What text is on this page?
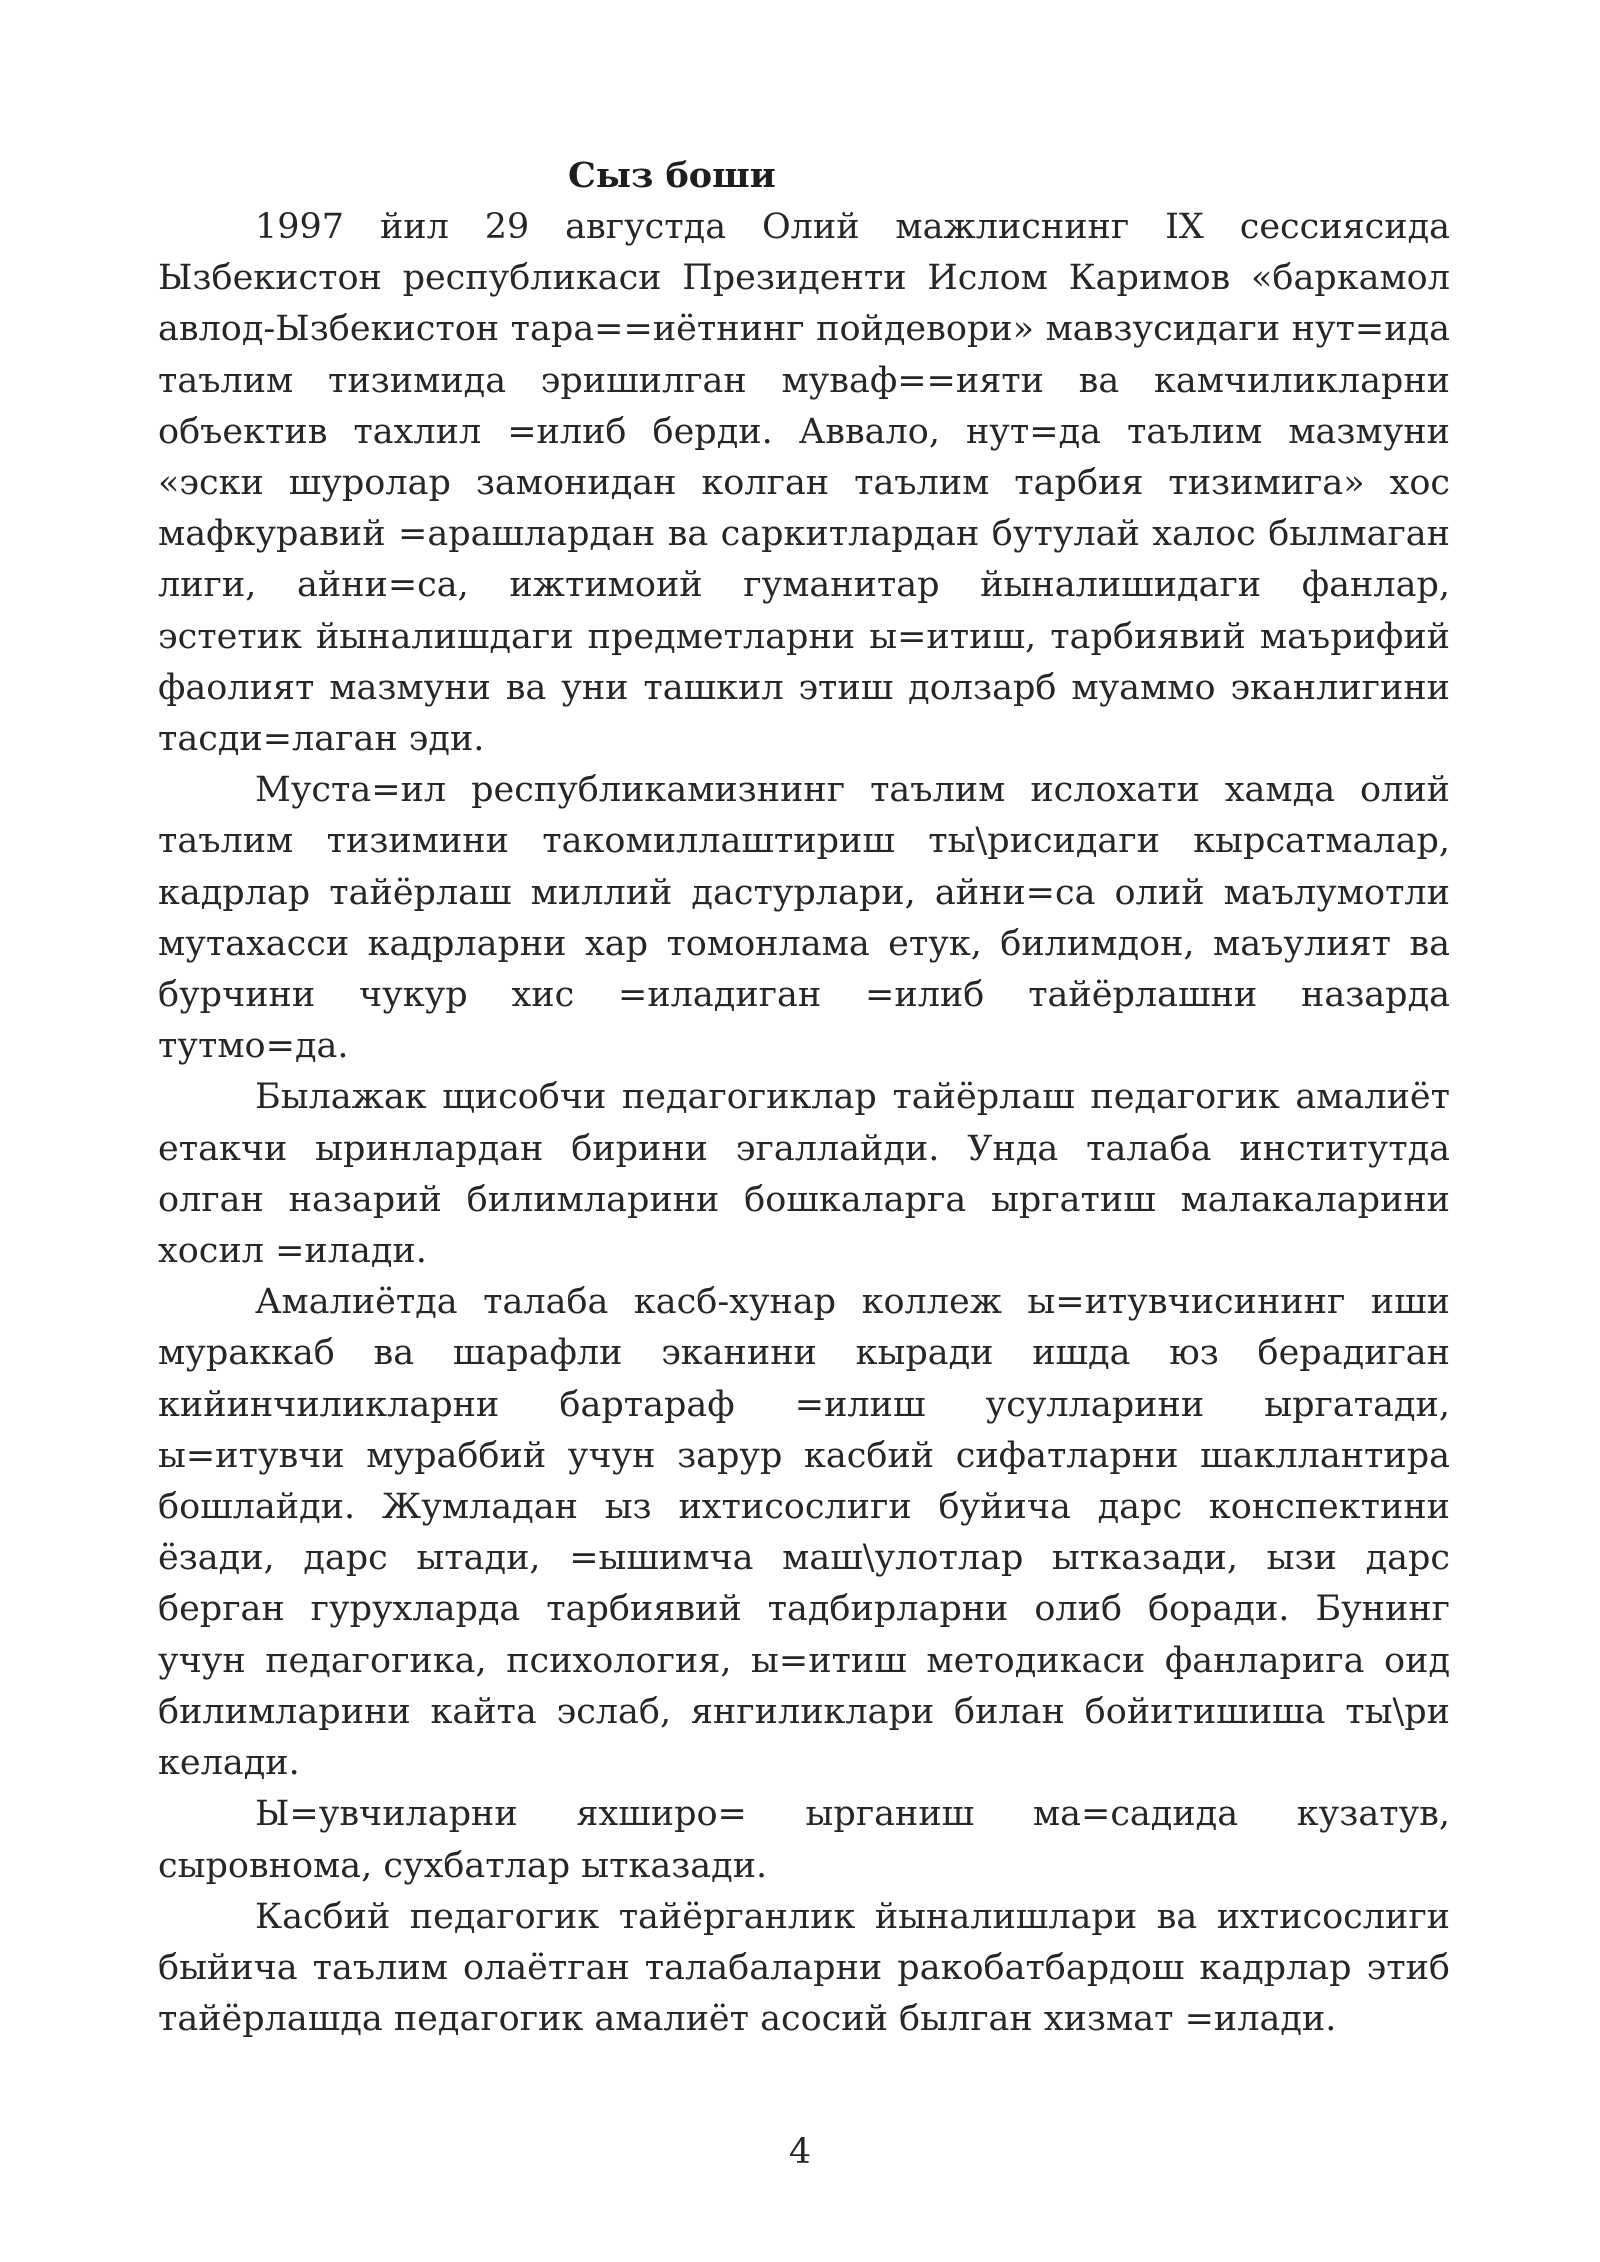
Сыз боши

1997 йил 29 августда Олий мажлиснинг IX сессиясида Ызбекистон республикаси Президенти Ислом Каримов «баркамол авлод-Ызбекистон тара==иётнинг пойдевори» мавзусидаги нут=ида таълим тизимида эришилган муваф==ияти ва камчиликларни объектив тахлил =илиб берди. Аввало, нут=да таълим мазмуни «эски шуролар замонидан колган таълим тарбия тизимига» хос мафкуравий =арашлардан ва саркитлардан бутулай халос былмаган лиги, айни=са, ижтимоий гуманитар йыналишидаги фанлар, эстетик йыналишдаги предметларни ы=итиш, тарбиявий маърифий фаолият мазмуни ва уни ташкил этиш долзарб муаммо эканлигини тасди=лаган эди.

Муста=ил республикамизнинг таълим ислохати хамда олий таълим тизимини такомиллаштириш ты\рисидаги кырсатмалар, кадрлар тайёрлаш миллий дастурлари, айни=са олий маълумотли мутахасси кадрларни хар томонлама етук, билимдон, маъулият ва бурчини чукур хис =иладиган =илиб тайёрлашни назарда тутмо=да.

Былажак щисобчи педагогиклар тайёрлаш педагогик амалиёт етакчи ыринлардан бирини эгаллайди. Унда талаба институтда олган назарий билимларини бошкаларга ыргатиш малакаларини хосил =илади.

Амалиётда талаба касб-хунар коллеж ы=итувчисининг иши мураккаб ва шарафли эканини кыради ишда юз берадиган кийинчиликларни бартараф =илиш усулларини ыргатади, ы=итувчи мураббий учун зарур касбий сифатларни шакллантира бошлайди. Жумладан ыз ихтисослиги буйича дарс конспектини ёзади, дарс ытади, =ышимча маш\улотлар ытказади, ызи дарс берган гурухларда тарбиявий тадбирларни олиб боради. Бунинг учун педагогика, психология, ы=итиш методикаси фанларига оид билимларини кайта эслаб, янгиликлари билан бойитишиша ты\ри келади.

Ы=увчиларни яхширо= ырганиш ма=садида кузатув, сыровнома, сухбатлар ытказади.

Касбий педагогик тайёрганлик йыналишлари ва ихтисослиги быйича таълим олаётган талабаларни ракобатбардош кадрлар этиб тайёрлашда педагогик амалиёт асосий былган хизмат =илади.

4
